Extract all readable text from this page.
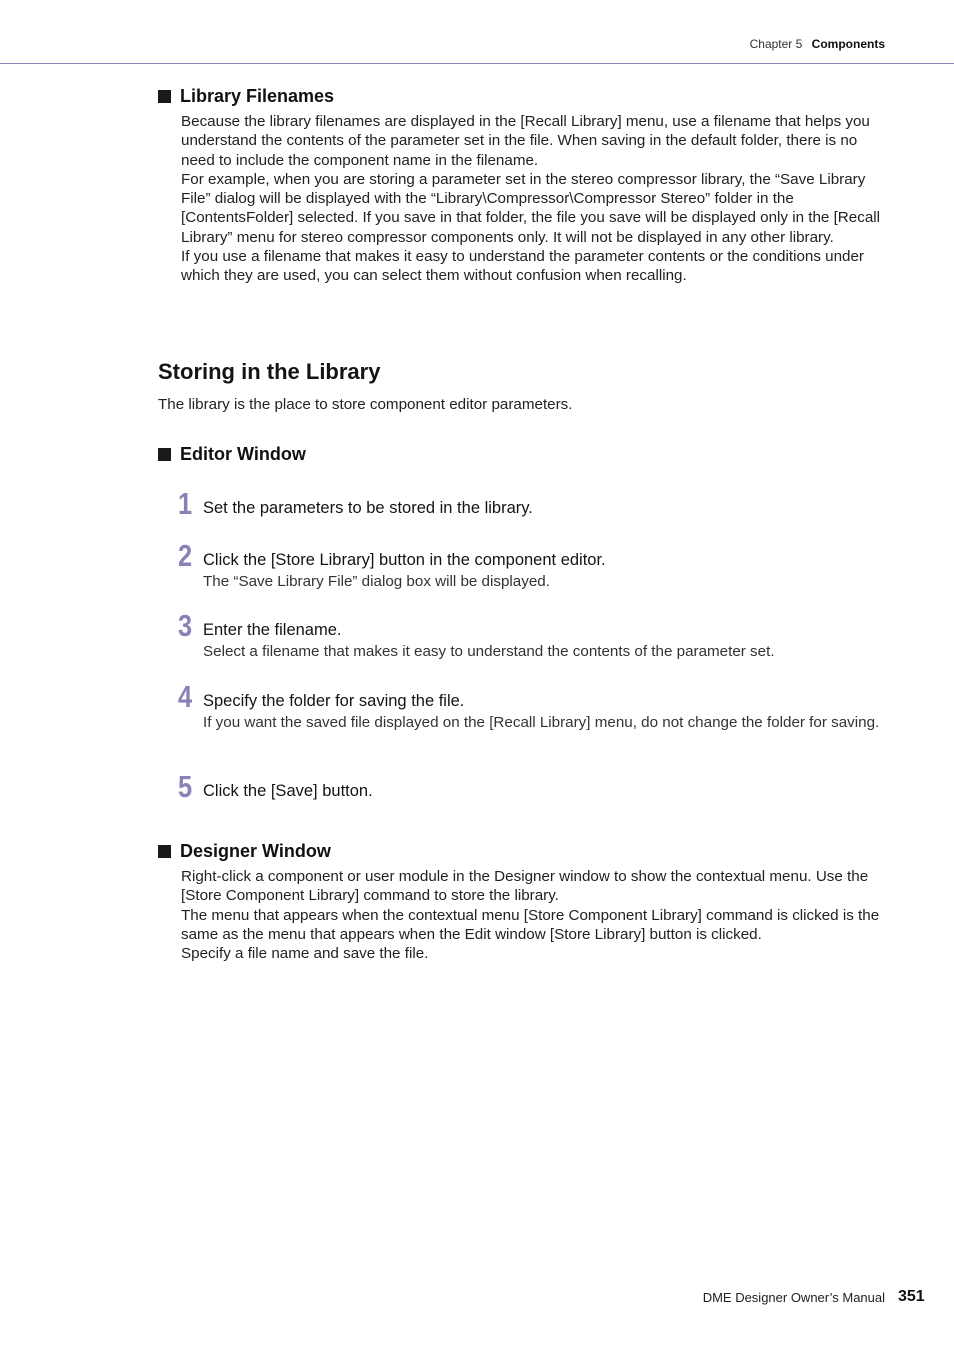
Chapter 5 Components
Library Filenames

Because the library filenames are displayed in the [Recall Library] menu, use a filename that helps you understand the contents of the parameter set in the file. When saving in the default folder, there is no need to include the component name in the filename.

For example, when you are storing a parameter set in the stereo compressor library, the “Save Library File” dialog will be displayed with the “Library\Compressor\Compressor Stereo” folder in the [ContentsFolder] selected. If you save in that folder, the file you save will be displayed only in the [Recall Library” menu for stereo compressor components only. It will not be displayed in any other library.

If you use a filename that makes it easy to understand the parameter contents or the conditions under which they are used, you can select them without confusion when recalling.

Storing in the Library
The library is the place to store component editor parameters.
Editor Window
1 Set the parameters to be stored in the library.
2 Click the [Store Library] button in the component editor.
The “Save Library File” dialog box will be displayed.
3 Enter the filename.
Select a filename that makes it easy to understand the contents of the parameter set.
4 Specify the folder for saving the file.
If you want the saved file displayed on the [Recall Library] menu, do not change the folder for saving.
5 Click the [Save] button.
Designer Window

Right-click a component or user module in the Designer window to show the contextual menu. Use the [Store Component Library] command to store the library.

The menu that appears when the contextual menu [Store Component Library] command is clicked is the same as the menu that appears when the Edit window [Store Library] button is clicked.

Specify a file name and save the file.

DME Designer Owner’s Manual 351
